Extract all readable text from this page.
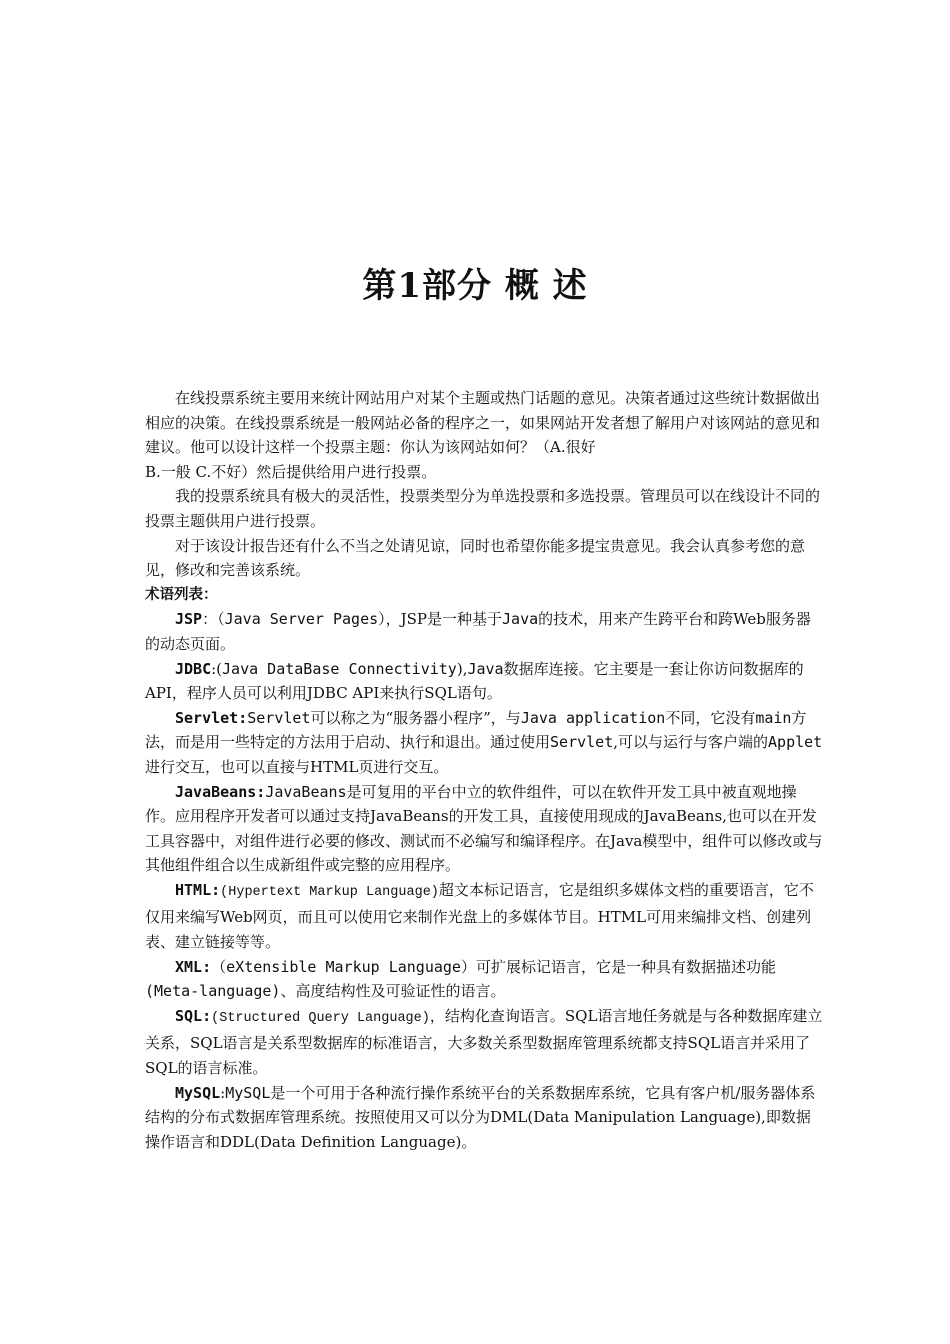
第1部分 概 述

在线投票系统主要用来统计网站用户对某个主题或热门话题的意见。决策者通过这些统计数据做出相应的决策。在线投票系统是一般网站必备的程序之一，如果网站开发者想了解用户对该网站的意见和建议。他可以设计这样一个投票主题：你认为该网站如何？（A.很好

B.一般 C.不好）然后提供给用户进行投票。

我的投票系统具有极大的灵活性，投票类型分为单选投票和多选投票。管理员可以在线设计不同的投票主题供用户进行投票。

对于该设计报告还有什么不当之处请见谅，同时也希望你能多提宝贵意见。我会认真参考您的意见，修改和完善该系统。

术语列表：

JSP：（Java Server Pages），JSP是一种基于Java的技术，用来产生跨平台和跨Web服务器的动态页面。

JDBC:(Java DataBase Connectivity),Java数据库连接。它主要是一套让你访问数据库的API，程序人员可以利用JDBC API来执行SQL语句。

Servlet:Servlet可以称之为“服务器小程序”，与Java application不同，它没有main方法，而是用一些特定的方法用于启动、执行和退出。通过使用Servlet,可以与运行与客户端的Applet进行交互，也可以直接与HTML页进行交互。

JavaBeans:JavaBeans是可复用的平台中立的软件组件，可以在软件开发工具中被直观地操作。应用程序开发者可以通过支持JavaBeans的开发工具，直接使用现成的JavaBeans,也可以在开发工具容器中，对组件进行必要的修改、测试而不必编写和编译程序。在Java模型中，组件可以修改或与其他组件组合以生成新组件或完整的应用程序。

HTML:(Hypertext Markup Language)超文本标记语言，它是组织多媒体文档的重要语言，它不仅用来编写Web网页，而且可以使用它来制作光盘上的多媒体节目。HTML可用来编排文档、创建列表、建立链接等等。

XML:（eXtensible Markup Language）可扩展标记语言，它是一种具有数据描述功能(Meta-language)、高度结构性及可验证性的语言。

SQL:(Structured Query Language)，结构化查询语言。SQL语言地任务就是与各种数据库建立关系，SQL语言是关系型数据库的标准语言，大多数关系型数据库管理系统都支持SQL语言并采用了SQL的语言标准。

MySQL:MySQL是一个可用于各种流行操作系统平台的关系数据库系统，它具有客户机/服务器体系结构的分布式数据库管理系统。按照使用又可以分为DML(Data Manipulation Language),即数据操作语言和DDL(Data Definition Language)。
